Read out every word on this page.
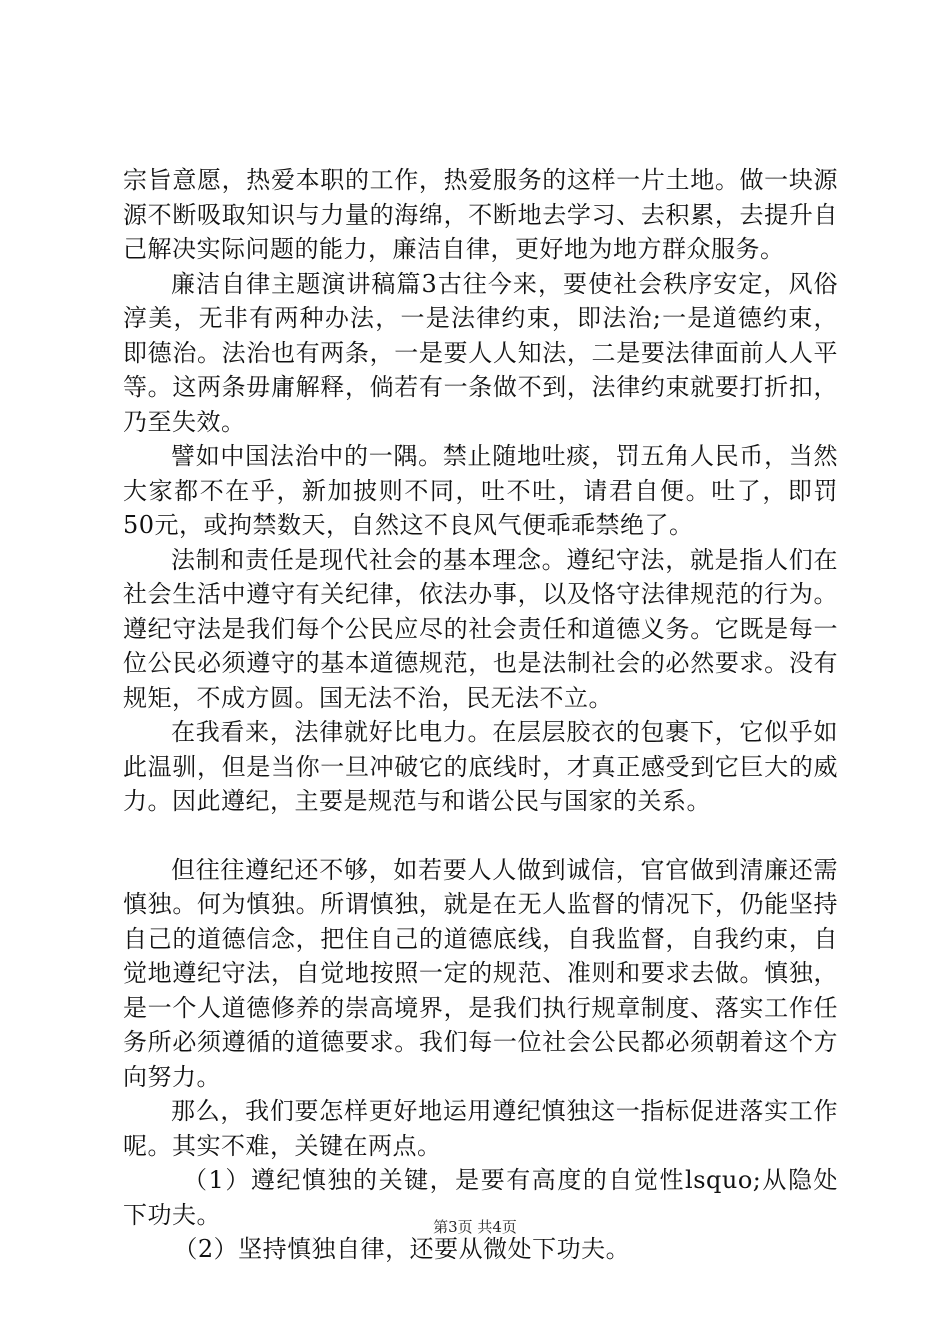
宗旨意愿，热爱本职的工作，热爱服务的这样一片土地。做一块源源不断吸取知识与力量的海绵，不断地去学习、去积累，去提升自己解决实际问题的能力，廉洁自律，更好地为地方群众服务。

廉洁自律主题演讲稿篇3古往今来，要使社会秩序安定，风俗淳美，无非有两种办法，一是法律约束，即法治;一是道德约束，即德治。法治也有两条，一是要人人知法，二是要法律面前人人平等。这两条毋庸解释，倘若有一条做不到，法律约束就要打折扣，乃至失效。

譬如中国法治中的一隅。禁止随地吐痰，罚五角人民币，当然大家都不在乎，新加披则不同，吐不吐，请君自便。吐了，即罚50元，或拘禁数天，自然这不良风气便乖乖禁绝了。

法制和责任是现代社会的基本理念。遵纪守法，就是指人们在社会生活中遵守有关纪律，依法办事，以及恪守法律规范的行为。遵纪守法是我们每个公民应尽的社会责任和道德义务。它既是每一位公民必须遵守的基本道德规范，也是法制社会的必然要求。没有规矩，不成方圆。国无法不治，民无法不立。

在我看来，法律就好比电力。在层层胶衣的包裹下，它似乎如此温驯，但是当你一旦冲破它的底线时，才真正感受到它巨大的威力。因此遵纪，主要是规范与和谐公民与国家的关系。

但往往遵纪还不够，如若要人人做到诚信，官官做到清廉还需慎独。何为慎独。所谓慎独，就是在无人监督的情况下，仍能坚持自己的道德信念，把住自己的道德底线，自我监督，自我约束，自觉地遵纪守法，自觉地按照一定的规范、准则和要求去做。慎独，是一个人道德修养的崇高境界，是我们执行规章制度、落实工作任务所必须遵循的道德要求。我们每一位社会公民都必须朝着这个方向努力。

那么，我们要怎样更好地运用遵纪慎独这一指标促进落实工作呢。其实不难，关键在两点。

（1）遵纪慎独的关键，是要有高度的自觉性lsquo;从隐处下功夫。

（2）坚持慎独自律，还要从微处下功夫。

第3页 共4页
